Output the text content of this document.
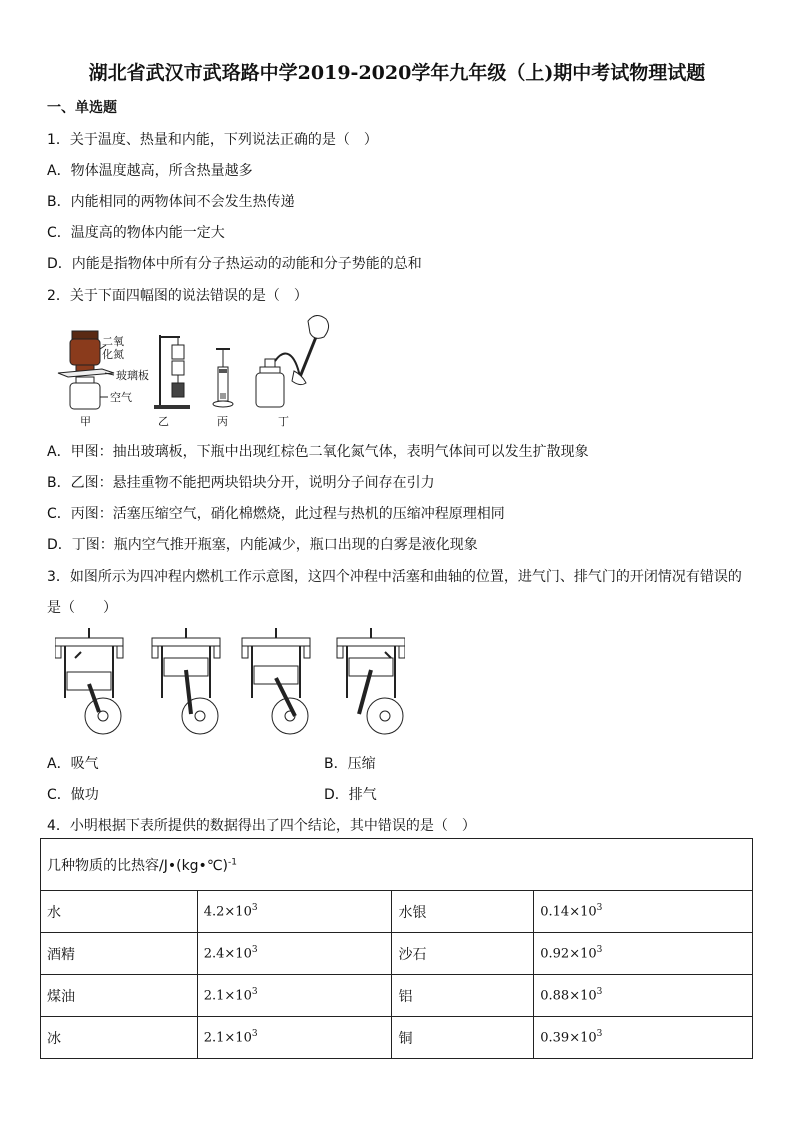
湖北省武汉市武珞路中学2019-2020学年九年级（上)期中考试物理试题
一、单选题
1．关于温度、热量和内能，下列说法正确的是（　）
A．物体温度越高，所含热量越多
B．内能相同的两物体间不会发生热传递
C．温度高的物体内能一定大
D．内能是指物体中所有分子热运动的动能和分子势能的总和
2．关于下面四幅图的说法错误的是（　）
二氧
化氮
玻璃板
空气
甲	乙	丙	丁
A．甲图：抽出玻璃板，下瓶中出现红棕色二氧化氮气体，表明气体间可以发生扩散现象
B．乙图：悬挂重物不能把两块铅块分开，说明分子间存在引力
C．丙图：活塞压缩空气，硝化棉燃烧，此过程与热机的压缩冲程原理相同
D．丁图：瓶内空气推开瓶塞，内能减少，瓶口出现的白雾是液化现象
3．如图所示为四冲程内燃机工作示意图，这四个冲程中活塞和曲轴的位置，进气门、排气门的开闭情况有错误的
是（　　）
A．吸气	B．压缩
C．做功	D．排气
4．小明根据下表所提供的数据得出了四个结论，其中错误的是（　）
几种物质的比热容/J•(kg•℃)$^{-1}$
水	$4.2\times 10^3$	水银	$0.14\times 10^3$
酒精	$2.4\times 10^3$	沙石	$0.92\times 10^3$
煤油	$2.1\times 10^3$	铝	$0.88\times 10^3$
冰	$2.1\times 10^3$	铜	$0.39\times 10^3$
